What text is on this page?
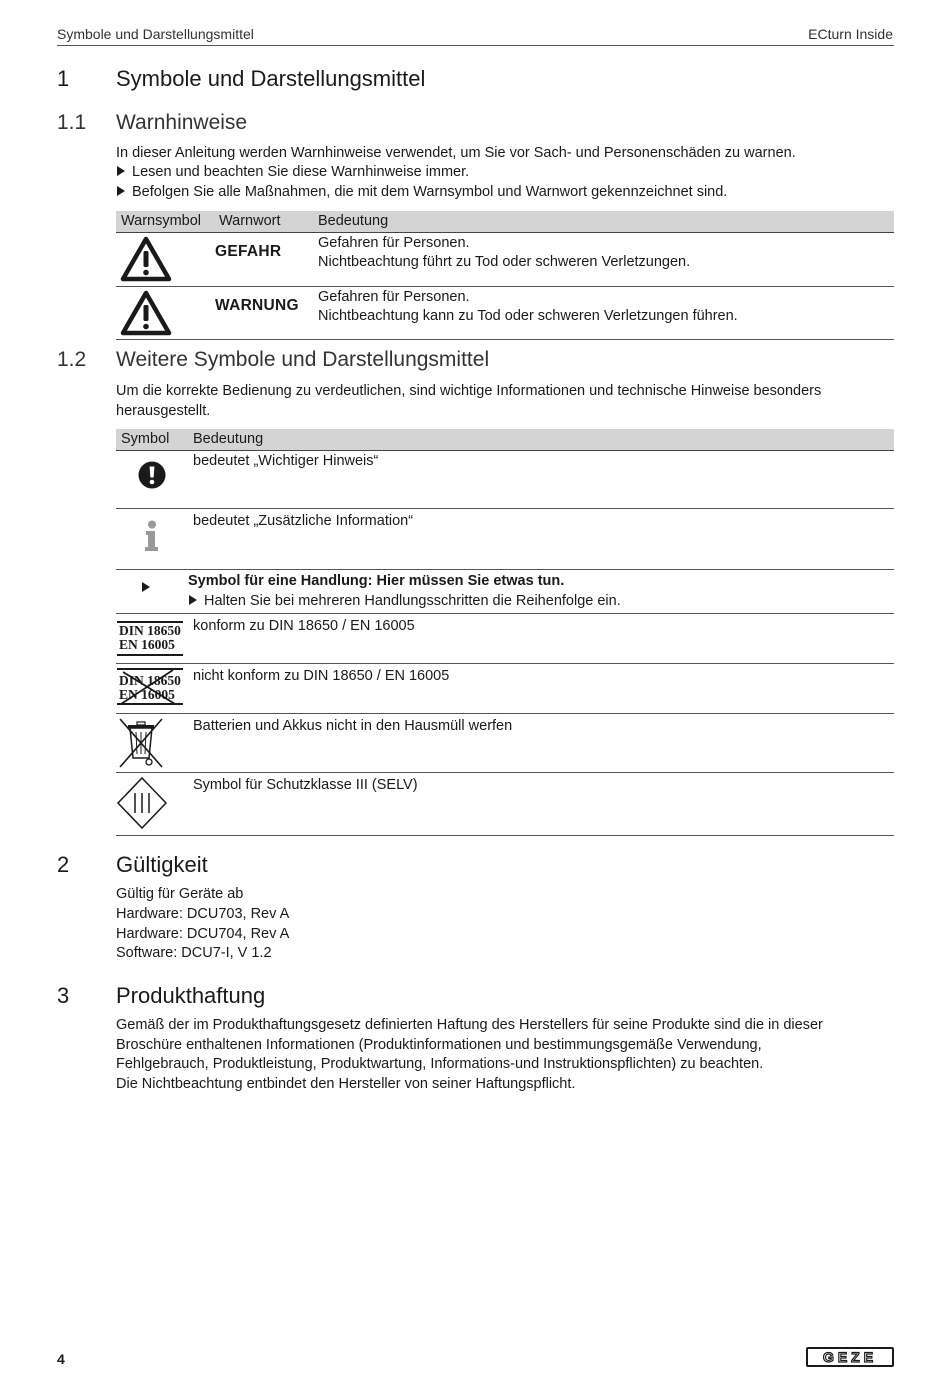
Symbole und Darstellungsmittel	ECturn Inside
1 Symbole und Darstellungsmittel
1.1 Warnhinweise
In dieser Anleitung werden Warnhinweise verwendet, um Sie vor Sach- und Personenschäden zu warnen.
Lesen und beachten Sie diese Warnhinweise immer.
Befolgen Sie alle Maßnahmen, die mit dem Warnsymbol und Warnwort gekennzeichnet sind.
Warnsymbol Warnwort	Bedeutung
GEFAHR	Gefahren für Personen.
Nichtbeachtung führt zu Tod oder schweren Verletzungen.
WARNUNG Gefahren für Personen.
Nichtbeachtung kann zu Tod oder schweren Verletzungen führen.
1.2 Weitere Symbole und Darstellungsmittel
Um die korrekte Bedienung zu verdeutlichen, sind wichtige Informationen und technische Hinweise besonders
herausgestellt.
Symbol Bedeutung
bedeutet „Wichtiger Hinweis“
bedeutet „Zusätzliche Information“
Symbol für eine Handlung: Hier müssen Sie etwas tun.
Halten Sie bei mehreren Handlungsschritten die Reihenfolge ein.
DIN 18650
EN 16005
konform zu DIN 18650 / EN 16005
DIN 18650
EN 16005
nicht konform zu DIN 18650 / EN 16005
Batterien und Akkus nicht in den Hausmüll werfen
Symbol für Schutzklasse III (SELV)
2 Gültigkeit
Gültig für Geräte ab
Hardware: DCU703, Rev A
Hardware: DCU704, Rev A
Software: DCU7-I, V 1.2
3 Produkthaftung
Gemäß der im Produkthaftungsgesetz definierten Haftung des Herstellers für seine Produkte sind die in dieser
Broschüre enthaltenen Informationen (Produktinformationen und bestimmungsgemäße Verwendung,
Fehlgebrauch, Produktleistung, Produktwartung, Informations-und Instruktionspflichten) zu beachten.
Die Nichtbeachtung entbindet den Hersteller von seiner Haftungspflicht.
4	GEZE
